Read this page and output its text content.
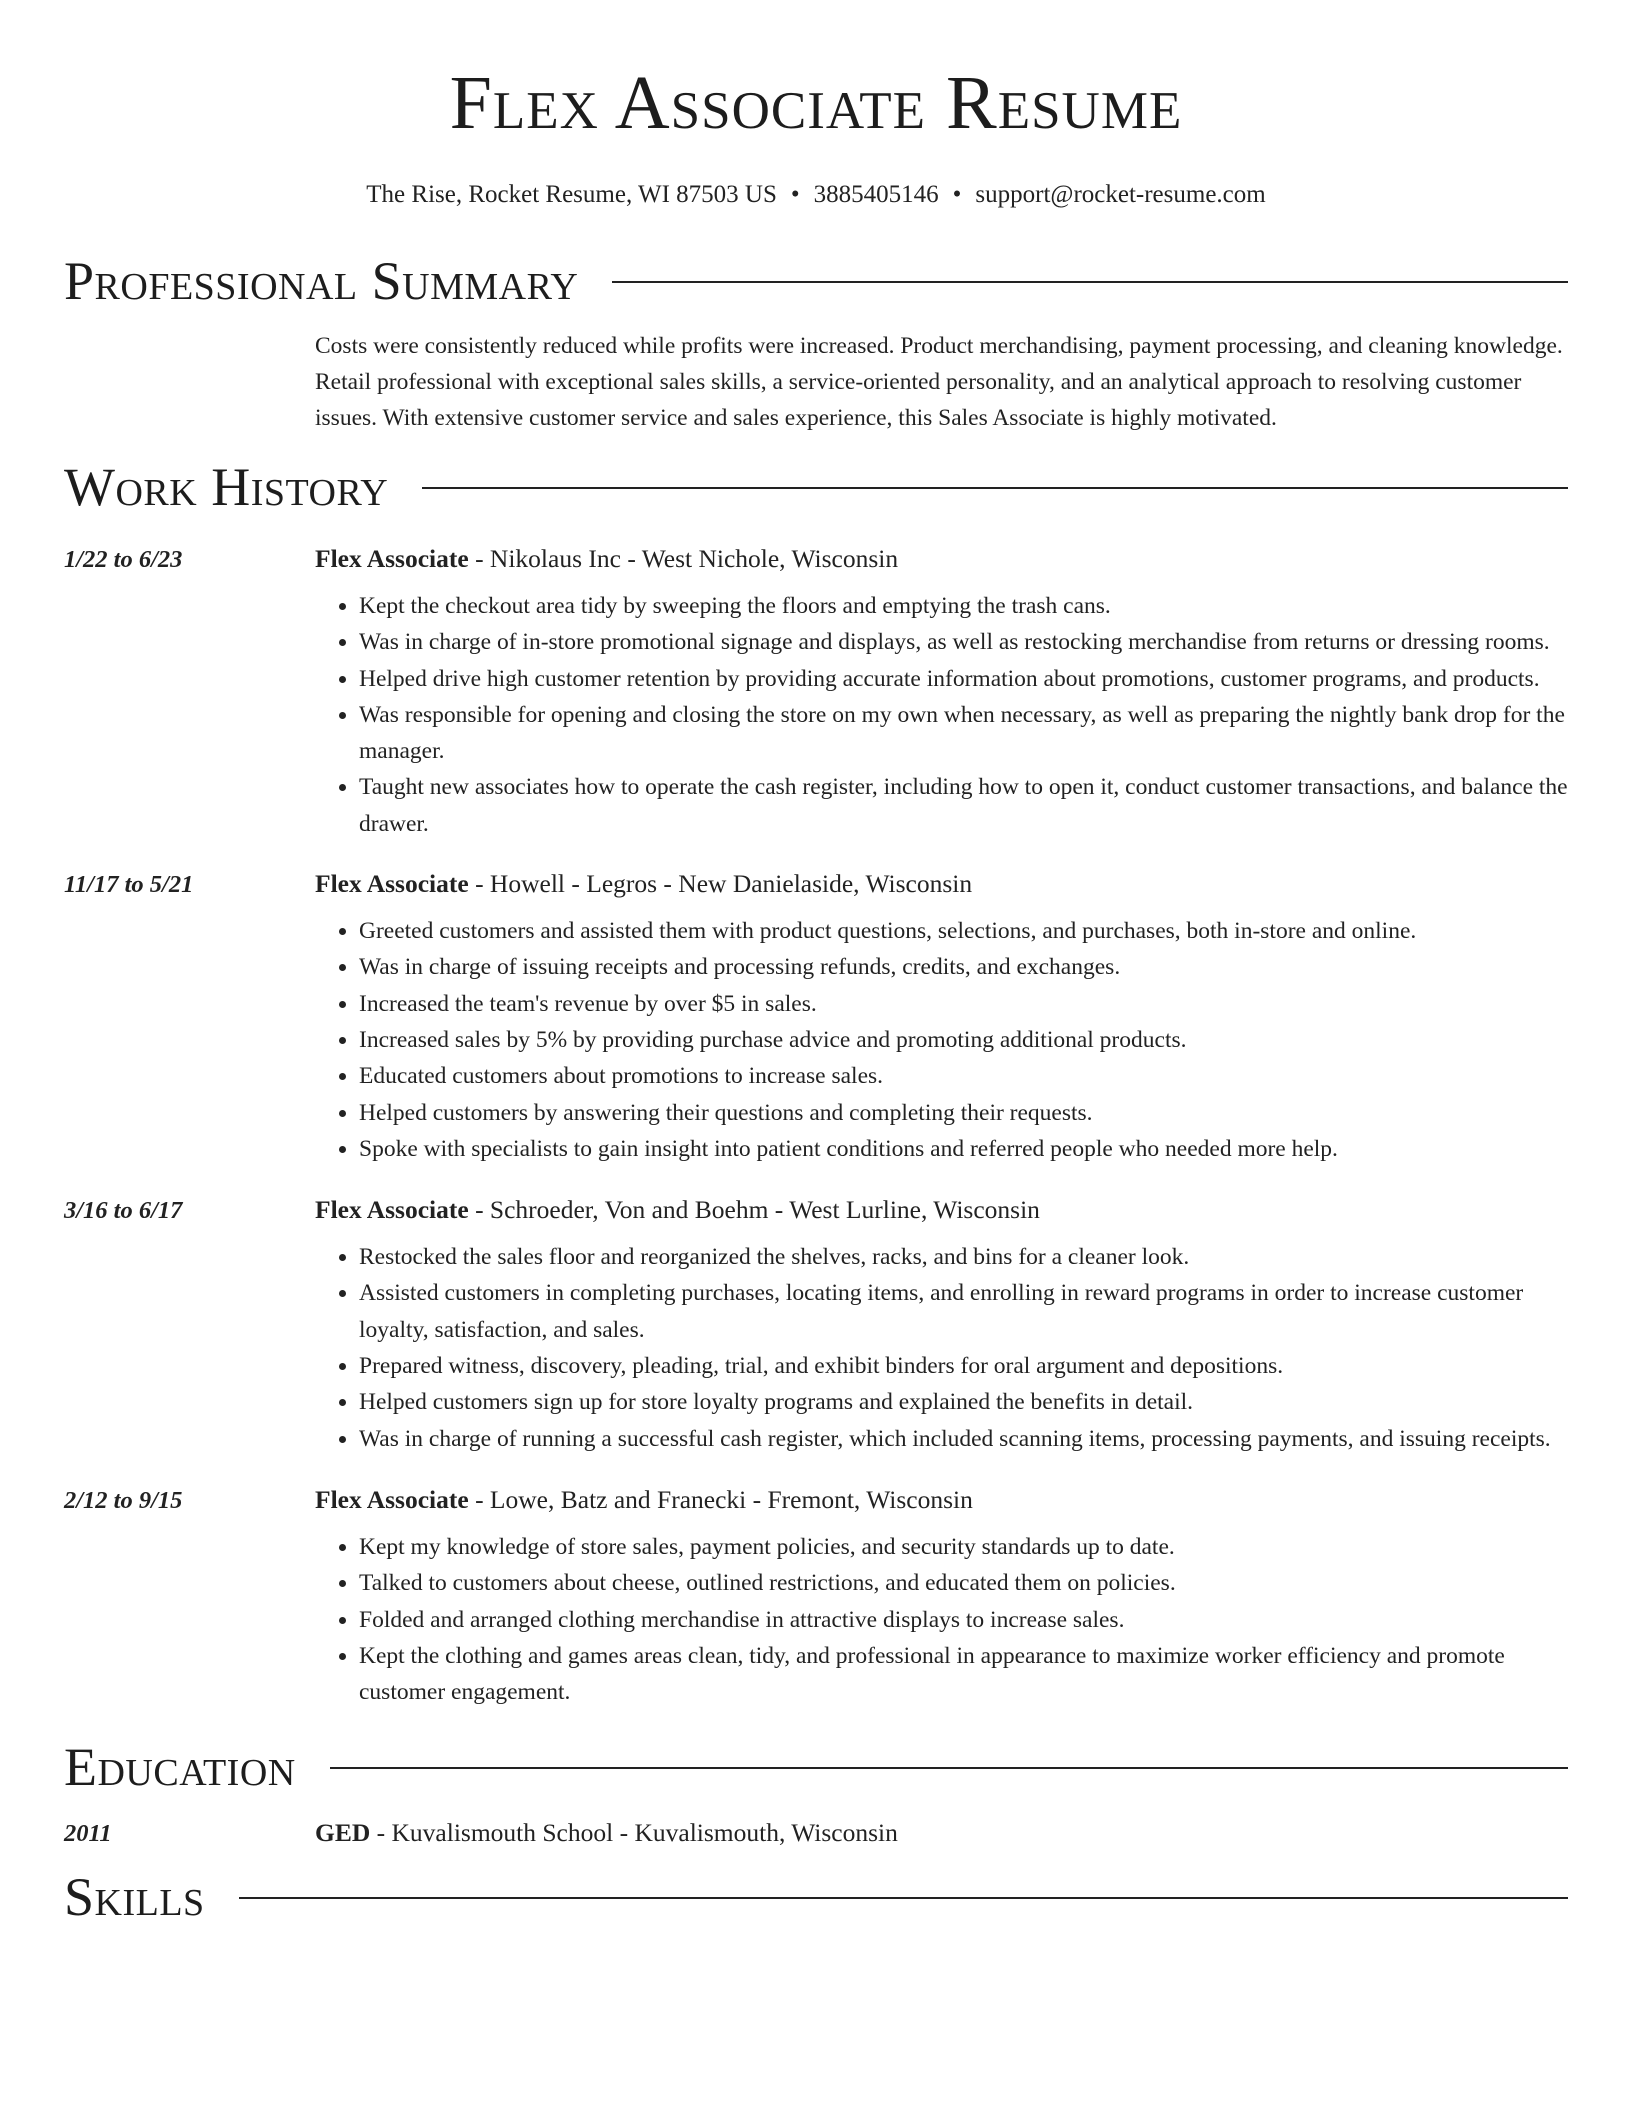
Flex Associate Resume
The Rise, Rocket Resume, WI 87503 US • 3885405146 • support@rocket-resume.com
Professional Summary
Costs were consistently reduced while profits were increased. Product merchandising, payment processing, and cleaning knowledge. Retail professional with exceptional sales skills, a service-oriented personality, and an analytical approach to resolving customer issues. With extensive customer service and sales experience, this Sales Associate is highly motivated.
Work History
1/22 to 6/23	Flex Associate - Nikolaus Inc - West Nichole, Wisconsin
• Kept the checkout area tidy by sweeping the floors and emptying the trash cans.
• Was in charge of in-store promotional signage and displays, as well as restocking merchandise from returns or dressing rooms.
• Helped drive high customer retention by providing accurate information about promotions, customer programs, and products.
• Was responsible for opening and closing the store on my own when necessary, as well as preparing the nightly bank drop for the manager.
• Taught new associates how to operate the cash register, including how to open it, conduct customer transactions, and balance the drawer.
11/17 to 5/21	Flex Associate - Howell - Legros - New Danielaside, Wisconsin
• Greeted customers and assisted them with product questions, selections, and purchases, both in-store and online.
• Was in charge of issuing receipts and processing refunds, credits, and exchanges.
• Increased the team's revenue by over $5 in sales.
• Increased sales by 5% by providing purchase advice and promoting additional products.
• Educated customers about promotions to increase sales.
• Helped customers by answering their questions and completing their requests.
• Spoke with specialists to gain insight into patient conditions and referred people who needed more help.
3/16 to 6/17	Flex Associate - Schroeder, Von and Boehm - West Lurline, Wisconsin
• Restocked the sales floor and reorganized the shelves, racks, and bins for a cleaner look.
• Assisted customers in completing purchases, locating items, and enrolling in reward programs in order to increase customer loyalty, satisfaction, and sales.
• Prepared witness, discovery, pleading, trial, and exhibit binders for oral argument and depositions.
• Helped customers sign up for store loyalty programs and explained the benefits in detail.
• Was in charge of running a successful cash register, which included scanning items, processing payments, and issuing receipts.
2/12 to 9/15	Flex Associate - Lowe, Batz and Franecki - Fremont, Wisconsin
• Kept my knowledge of store sales, payment policies, and security standards up to date.
• Talked to customers about cheese, outlined restrictions, and educated them on policies.
• Folded and arranged clothing merchandise in attractive displays to increase sales.
• Kept the clothing and games areas clean, tidy, and professional in appearance to maximize worker efficiency and promote customer engagement.
Education
2011	GED - Kuvalismouth School - Kuvalismouth, Wisconsin
Skills
